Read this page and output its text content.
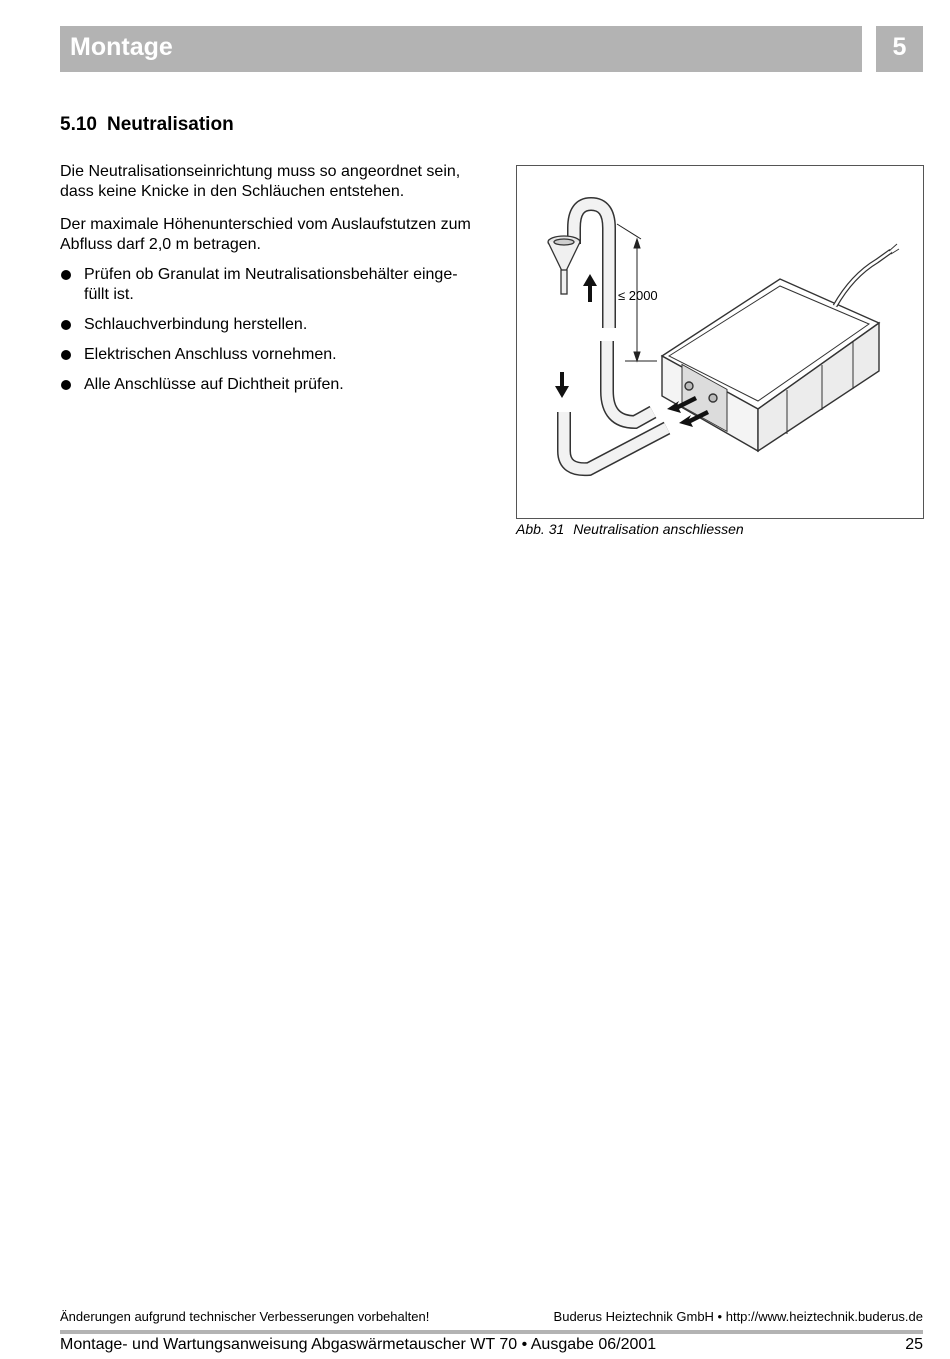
Montage	5
5.10 Neutralisation

Die Neutralisationseinrichtung muss so angeordnet sein, dass keine Knicke in den Schläuchen entstehen.

Der maximale Höhenunterschied vom Auslaufstutzen zum Abfluss darf 2,0 m betragen.

Prüfen ob Granulat im Neutralisationsbehälter einge-füllt ist.
Schlauchverbindung herstellen.
Elektrischen Anschluss vornehmen.
Alle Anschlüsse auf Dichtheit prüfen.
≤ 2000
Abb. 31 Neutralisation anschliessen
Änderungen aufgrund technischer Verbesserungen vorbehalten!	Buderus Heiztechnik GmbH • http://www.heiztechnik.buderus.de
Montage- und Wartungsanweisung Abgaswärmetauscher WT 70 • Ausgabe 06/2001	25
